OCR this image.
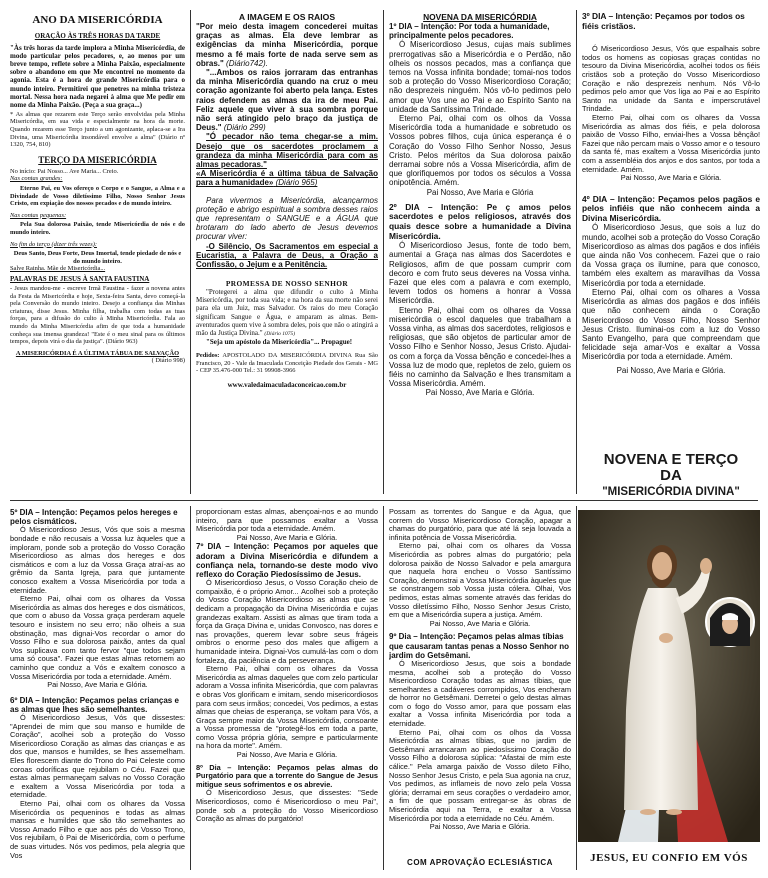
ANO DA MISERICÓRDIA

ORAÇÃO ÀS TRÊS HORAS DA TARDE

"Às três horas da tarde implora a Minha Misericórdia, de modo particular pelos pecadores, e, ao menos por um breve tempo, reflete sobre a Minha Paixão, especialmente sobre o abandono em que Me encontrei no momento da agonia. Esta é a hora de grande Misericórdia para o mundo inteiro. Permitirei que penetres na minha tristeza mortal. Nessa hora nada negarei à alma que Me pedir em nome da Minha Paixão. (Peça a sua graça...)

* As almas que rezarem este Terço serão envolvidas pela Minha Misericórdia, em sua vida e especialmente na hora da morte. Quando rezarem esse Terço junto a um agonizante, aplaca-se a Ira Divina, uma Misericórdia insondável envolve a alma" (Diário nº 1320, 754, 810)

TERÇO DA MISERICÓRDIA

No início: Pai Nosso... Ave Maria... Creio.

Nas contas grandes:

Eterno Pai, eu Vos ofereço o Corpo e o Sangue, a Alma e a Divindade de Vosso diletíssimo Filho, Nosso Senhor Jesus Cristo, em expiação dos nossos pecados e do mundo inteiro.

Nas contas pequenas:

Pela Sua dolorosa Paixão, tende Misericórdia de nós e do mundo inteiro.

No fim do terço (dizer três vezes):

Deus Santo, Deus Forte, Deus Imortal, tende piedade de nós e do mundo inteiro.

Salve Rainha. Mãe de Misericórdia...

PALAVRAS DE JESUS À SANTA FAUSTINA

- Jesus mandou-me - escreve Irmã Faustina - fazer a novena antes da Festa da Misericórdia e hoje, Sexta-feira Santa, devo começá-la pela Conversão do mundo inteiro. Desejo a confiança das Minhas criaturas, disse Jesus. Minha filha, trabalha com todas as tuas forças, para a difusão do culto à Minha Misericórdia. Fala ao mundo da Minha Misericórdia afim de que toda a humanidade conheça sua imensa grandeza! "Este é o meu sinal para os últimos tempos, depois virá o dia da justiça". (Diário 963)

A MISERICÓRDIA É A ÚLTIMA TÁBUA DE SALVAÇÃO

( Diário 998)

A IMAGEM E OS RAIOS

"Por meio desta imagem concederei muitas graças as almas. Ela deve lembrar as exigências da minha Misericórdia, porque mesmo a fé mais forte de nada serve sem as obras." (Diário742).

"...Ambos os raios jorraram das entranhas da minha Misericórdia quando na cruz o meu coração agonizante foi aberto pela lança. Estes raios defendem as almas da ira de meu Pai. Feliz aquele que viver à sua sombra porque não será atingido pelo braço da justiça de Deus." (Diário 299)

"Ó pecador não tema chegar-se a mim. Desejo que os sacerdotes proclamem a grandeza da minha Misericórdia para com as almas pecadoras."

«A Misericórdia é a última tábua de Salvação para a humanidade» (Diário 965)

Para vivermos a Misericórdia, alcançarmos proteção e abrigo espiritual a sombra desses raios que representam o SANGUE e a ÁGUA que brotaram do lado aberto de Jesus devemos procurar viver:

-O Silêncio, Os Sacramentos em especial a Eucaristia, a Palavra de Deus, a Oração a Confissão, o Jejum e a Penitência.

PROMESSA DE NOSSO SENHOR

"Protegerei a alma que difundir o culto à Minha Misericórdia, por toda sua vida; e na hora da sua morte não serei para ela um Juiz, mas Salvador. Os raios do meu Coração significam Sangue e Água, e amparam as almas. Bem-aventurados quem vive à sombra deles, pois que não o atingirá a mão da Justiça Divina." (Diário 1075)

"Seja um apóstolo da Misericórdia"... Propague!

Pedidos: APOSTOLADO DA MISERICÓRDIA DIVINA Rua São Francisco, 20 - Vale da Imaculada Conceição Piedade dos Gerais - MG - CEP 35.476-000 Tel.: 31 99908-3966

www.valedaimaculadaconceicao.com.br

NOVENA DA MISERICÓRDIA

1º DIA – Intenção: Por toda a humanidade, principalmente pelos pecadores.

Ó Misericordioso Jesus, cujas mais sublimes prerrogativas são a Misericórdia e o Perdão, não olheis os nossos pecados, mas a confiança que temos na Vossa infinita bondade; tomai-nos todos sob a proteção do Vosso Misericordioso Coração; não desprezeis ninguém. Nós vô-lo pedimos pelo amor que Vos une ao Pai e ao Espírito Santo na unidade da Santíssima Trindade.

Eterno Pai, olhai com os olhos da Vossa Misericórdia toda a humanidade e sobretudo os Vossos pobres filhos, cuja única esperança é o Coração do Vosso Filho Senhor Nosso, Jesus Cristo. Pelos méritos da Sua dolorosa paixão derramai sobre nós a Vossa Misericórdia, afim de que glorifiquemos por todos os séculos a Vossa onipotência. Amém.

Pai Nosso, Ave Maria e Glória

2º DIA – Intenção: Pe ç amos pelos sacerdotes e pelos religiosos, através dos quais desce sobre a humanidade a Divina Misericórdia.

Ó Misericordioso Jesus, fonte de todo bem, aumentai a Graça nas almas dos Sacerdotes e Religiosos, afim de que possam cumprir com decoro e com fruto seus deveres na Vossa vinha. Fazei que eles com a palavra e com exemplo, levem todos os homens a honrar a Vossa Misericórdia.

Eterno Pai, olhai com os olhares da Vossa misericórdia o escol daqueles que trabalham a Vossa vinha, as almas dos sacerdotes, religiosos e religiosas, que são objetos de particular amor de Vosso Filho e Senhor Nosso, Jesus Cristo. Ajudai-os com a força da Vossa bênção e concedei-lhes a Vossa luz de modo que, repletos de zelo, guiem os fiéis no caminho da Salvação e lhes transmitam a Vossa Misericórdia. Amém.

Pai Nosso, Ave Maria e Glória.

3º DIA – Intenção: Peçamos por todos os fiéis cristãos.

Ó Misericordioso Jesus, Vós que espalhais sobre todos os homens as copiosas graças contidas no tesouro da Divina Misericórdia, acolhei todos os fiéis cristãos sob a proteção do Vosso Misericordioso Coração e não desprezeis nenhum. Nós Vô-lo pedimos pelo amor que Vos liga ao Pai e ao Espírito Santo na unidade da Santa e imperscrutável Trindade.

Eterno Pai, olhai com os olhares da Vossa Misericórdia as almas dos fiéis, e pela dolorosa paixão de Vosso Filho, enviai-lhes a Vossa bênção! Fazei que não percam mais o Vosso amor e o tesouro da santa fé, mas exaltem a Vossa Misericórdia junto com a assembléia dos anjos e dos santos, por toda a eternidade. Amém.

Pai Nosso, Ave Maria e Glória.

4º DIA – Intenção: Peçamos pelos pagãos e pelos infiéis que não conhecem ainda a Divina Misericórdia.

Ó Misericordioso Jesus, que sois a luz do mundo, acolhei sob a proteção do Vosso Coração Misericordioso as almas dos pagãos e dos infiéis que ainda não Vos conhecem. Fazei que o raio da Vossa graça os ilumine, para que conosco, também eles exaltem as maravilhas da Vossa Misericórdia por toda a eternidade.

Eterno Pai, olhai com os olhares a Vossa Misericórdia as almas dos pagãos e dos infiéis que não conhecem ainda o Coração Misericordioso do Vosso Filho, Nosso Senhor Jesus Cristo. Iluminai-os com a luz do Vosso Santo Evangelho, para que compreendam que felicidade seja amar-Vos e exaltar a Vossa Misericórdia por toda a eternidade. Amém.

Pai Nosso, Ave Maria e Glória.

5º DIA – Intenção: Peçamos pelos hereges e pelos cismáticos.

Ó Misericordioso Jesus, Vós que sois a mesma bondade e não recusais a Vossa luz àqueles que a imploram, ponde sob a proteção do Vosso Coração Misericordioso as almas dos hereges e dos cismáticos e com a luz da Vossa Graça atraí-as ao grêmio da Santa Igreja, para que juntamente conosco exaltem a Vossa Misericórdia por toda a eternidade.

Eterno Pai, olhai com os olhares da Vossa Misericórdia as almas dos hereges e dos cismáticos, que com o abuso da Vossa graça perderam aquele tesouro e insistem no seu erro; não olheis a sua obstinação, mas dignai-Vos recordar o amor do Vosso Filho e sua dolorosa paixão, antes da qual Vos suplicava com tanto fervor "que todos sejam uma só cousa". Fazei que estas almas retornem ao caminho que conduz a Vós e exaltem conosco a Vossa Misericórdia por toda a eternidade. Amém.

Pai Nosso, Ave Maria e Glória.

6º DIA – Intenção: Peçamos pelas crianças e as almas que lhes são semelhantes.

Ó Misericordioso Jesus, Vós que dissestes: "Aprendei de mim que sou manso e humilde de Coração", acolhei sob a proteção do Vosso Misericordioso Coração as almas das crianças e as dos que, mansos e humildes, se lhes assemelham. Eles florescem diante do Trono do Pai Celeste como coroas odoríficas que rejubilam o Céu. Fazei que estas almas permaneçam salvas no Vosso Coração e exaltem a Vossa Misericórdia por toda a eternidade.

Eterno Pai, olhai com os olhares da Vossa Misericórdia os pequeninos e todas as almas mansas e humildes que são tão semelhantes ao Vosso Amado Filho e que aos pés do Vosso Trono, Vos rejubilam, ò Pai de Misericórdia, com o perfume de suas virtudes. Nós vos pedimos, pela alegria que Vos

proporcionam estas almas, abençoai-nos e ao mundo inteiro, para que possamos exaltar a Vossa Misericórdia por toda a eternidade. Amém.

Pai Nosso, Ave Maria e Glória.

7º DIA – Intenção: Peçamos por aqueles que adoram a Divina Misericórdia e difundem a confiança nela, tornando-se deste modo vivo reflexo do Coração Piedosíssimo de Jesus.

Ó Misericordioso Jesus, o Vosso Coração cheio de compaixão, é o próprio Amor... Acolhei sob a proteção do Vosso Coração Misericordioso as almas que se dedicam a propagação da Divina Misericórdia e cujas grandezas exaltam. Assisti as almas que tiram toda a força da Graça Divina e, unidas Convosco, nas dores e nas provações, querem levar sobre seus frágeis ombros o enorme peso dos males que afligem a humanidade inteira. Dignai-Vos cumulá-las com o dom fortaleza, da paciência e da perseverança.

Eterno Pai, olhai com os olhares da Vossa Misericórdia as almas daqueles que com zelo particular adoram a Vossa infinita Misericórdia, que com palavras e obras Vos glorificam e imitam, sendo misericordiosos para com seus irmãos; concedei, Vos pedimos, a estas almas que cheias de esperança, se voltam para Vós, a Graça sempre maior da Vossa Misericórdia, consoante a Vossa promessa de "protegê-los em toda a parte, como Vossa própria glória, sempre e particularmente na hora da morte". Amém.

Pai Nosso, Ave Maria e Glória.

8º Dia – Intenção: Peçamos pelas almas do Purgatório para que a torrente do Sangue de Jesus mitigue seus sofrimentos e os abrevie.

Ó Misericordioso Jesus, que dissestes: "Sede Misericordiosos, como é Misericordioso o meu Pai", ponde sob a proteção do Vosso Misericordioso Coração as almas do purgatório!

Possam as torrentes do Sangue e da Água, que correm do Vosso Misericordioso Coração, apagar a chamas do purgatório, para que até lá seja louvada a infinita potência de Vossa Misericórdia.

Eterno pai, olhai com os olhares da Vossa Misericórdia as pobres almas do purgatório; pela dolorosa paixão de Nosso Salvador e pela amargura que naquela hora encheu o Vosso Santíssimo Coração, demonstrai a Vossa Misericórdia àqueles que se constrangem sob Vossa justa cólera. Olhai, Vos pedimos, estas almas somente através das feridas do Vosso diletíssimo Filho, Nosso Senhor Jesus Cristo, em que a Misericórdia supera a justiça. Amém.

Pai Nosso, Ave Maria e Glória.

9º Dia – Intenção: Peçamos pelas almas tíbias que causaram tantas penas a Nosso Senhor no jardim do Getsêmani.

Ó Misericordioso Jesus, que sois a bondade mesma, acolhei sob a proteção do Vosso Misericordioso Coração todas as almas tíbias, que semelhantes a cadáveres corrompidos, Vos encheram de horror no Getsêmani. Derretei o gelo destas almas com o fogo do Vosso amor, para que possam elas exaltar a Vossa infinita Misericórdia por toda a eternidade.

Eterno Pai, olhai com os olhos da Vossa Misericórdia as almas tíbias, que no jardim de Getsêmani arrancaram ao piedosíssimo Coração do Vosso Filho a dolorosa súplica: "Afastai de mim este cálice." Pela amarga paixão de Vosso dileto Filho, Nosso Senhor Jesus Cristo, e pela Sua agonia na cruz, Vos pedimos, as inflameis de novo zelo pela Vossa glória; derramai em seus corações o verdadeiro amor, a fim de que possam entregar-se às obras de Misericórdia aqui na Terra, e exaltar a Vossa Misericórdia por toda a eternidade no Céu. Amém.

Pai Nosso, Ave Maria e Glória.

COM APROVAÇÃO ECLESIÁSTICA

NOVENA E TERÇO
DA
"MISERICÓRDIA DIVINA"
JESUS, EU CONFIO EM VÓS
